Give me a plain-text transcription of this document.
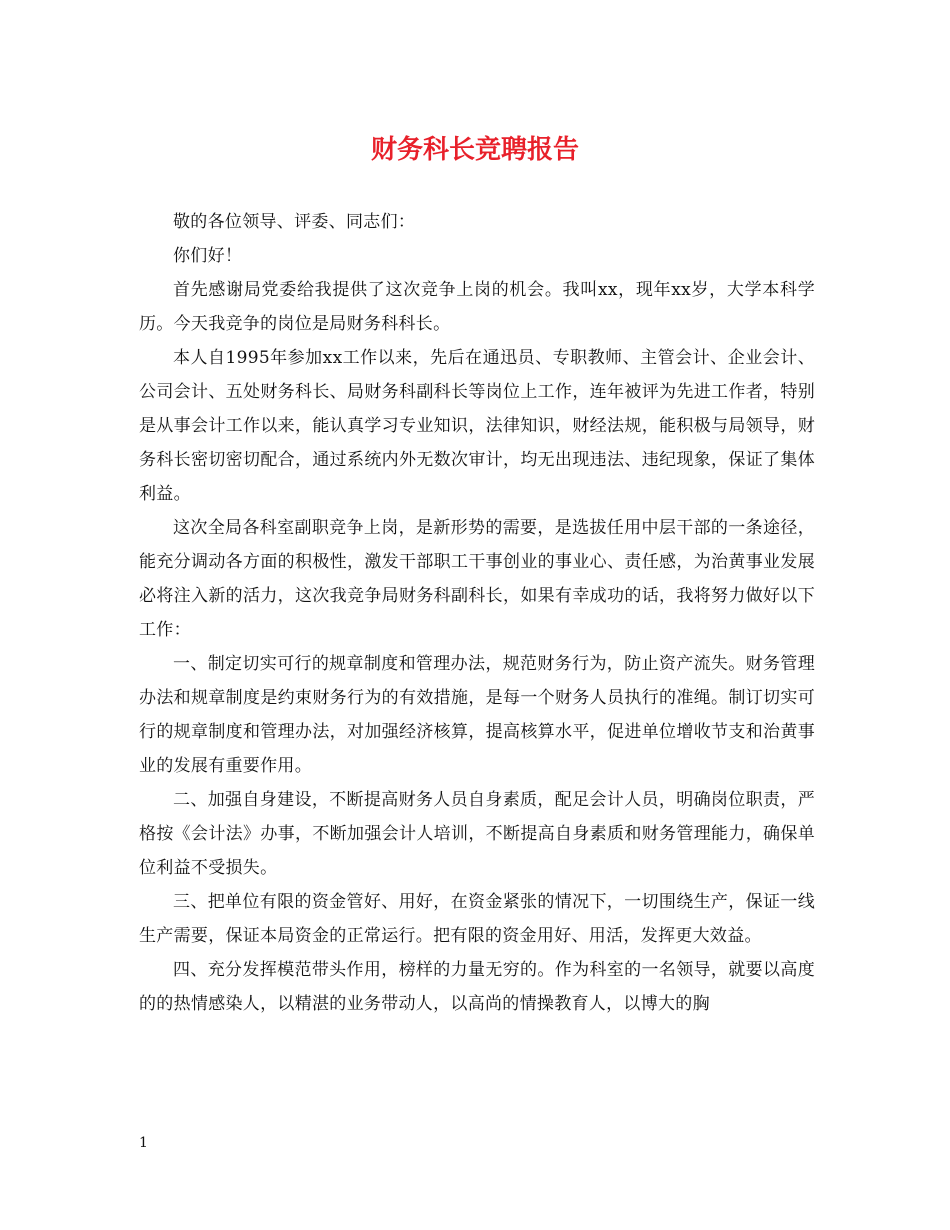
财务科长竞聘报告

敬的各位领导、评委、同志们：

你们好！

首先感谢局党委给我提供了这次竞争上岗的机会。我叫xx，现年xx岁，大学本科学历。今天我竞争的岗位是局财务科科长。

本人自1995年参加xx工作以来，先后在通迅员、专职教师、主管会计、企业会计、公司会计、五处财务科长、局财务科副科长等岗位上工作，连年被评为先进工作者，特别是从事会计工作以来，能认真学习专业知识，法律知识，财经法规，能积极与局领导，财务科长密切密切配合，通过系统内外无数次审计，均无出现违法、违纪现象，保证了集体利益。

这次全局各科室副职竞争上岗，是新形势的需要，是选拔任用中层干部的一条途径，能充分调动各方面的积极性，激发干部职工干事创业的事业心、责任感，为治黄事业发展必将注入新的活力，这次我竞争局财务科副科长，如果有幸成功的话，我将努力做好以下工作：

一、制定切实可行的规章制度和管理办法，规范财务行为，防止资产流失。财务管理办法和规章制度是约束财务行为的有效措施，是每一个财务人员执行的准绳。制订切实可行的规章制度和管理办法，对加强经济核算，提高核算水平，促进单位增收节支和治黄事业的发展有重要作用。

二、加强自身建设，不断提高财务人员自身素质，配足会计人员，明确岗位职责，严格按《会计法》办事，不断加强会计人培训，不断提高自身素质和财务管理能力，确保单位利益不受损失。

三、把单位有限的资金管好、用好，在资金紧张的情况下，一切围绕生产，保证一线生产需要，保证本局资金的正常运行。把有限的资金用好、用活，发挥更大效益。

四、充分发挥模范带头作用，榜样的力量无穷的。作为科室的一名领导，就要以高度的的热情感染人，以精湛的业务带动人，以高尚的情操教育人，以博大的胸

1
